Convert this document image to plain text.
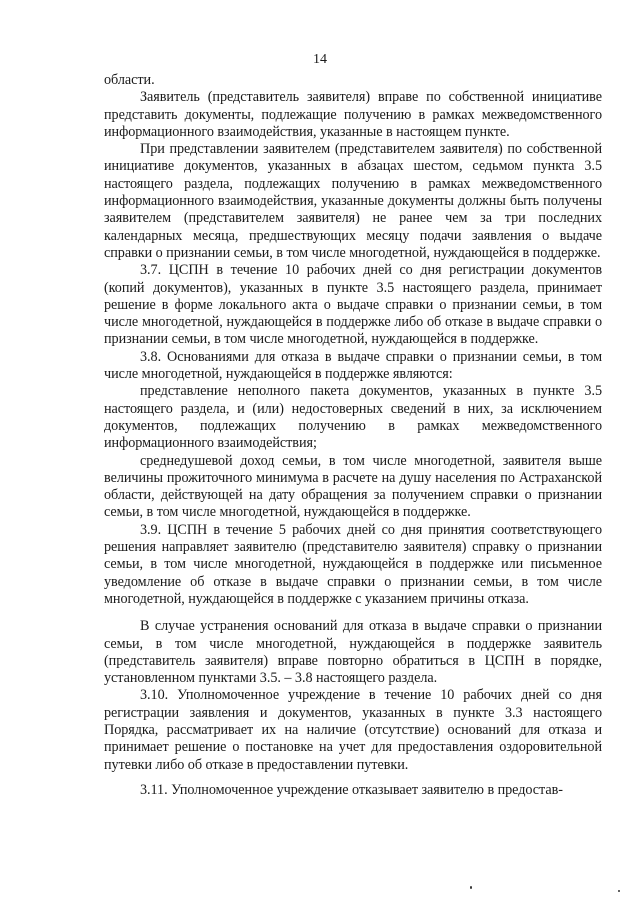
14

области.

Заявитель (представитель заявителя) вправе по собственной инициативе представить документы, подлежащие получению в рамках межведомственного информационного взаимодействия, указанные в настоящем пункте.

При представлении заявителем (представителем заявителя) по собственной инициативе документов, указанных в абзацах шестом, седьмом пункта 3.5 настоящего раздела, подлежащих получению в рамках межведомственного информационного взаимодействия, указанные документы должны быть получены заявителем (представителем заявителя) не ранее чем за три последних календарных месяца, предшествующих месяцу подачи заявления о выдаче справки о признании семьи, в том числе многодетной, нуждающейся в поддержке.

3.7. ЦСПН в течение 10 рабочих дней со дня регистрации документов (копий документов), указанных в пункте 3.5 настоящего раздела, принимает решение в форме локального акта о выдаче справки о признании семьи, в том числе многодетной, нуждающейся в поддержке либо об отказе в выдаче справки о признании семьи, в том числе многодетной, нуждающейся в поддержке.

3.8. Основаниями для отказа в выдаче справки о признании семьи, в том числе многодетной, нуждающейся в поддержке являются:

представление неполного пакета документов, указанных в пункте 3.5 настоящего раздела, и (или) недостоверных сведений в них, за исключением документов, подлежащих получению в рамках межведомственного информационного взаимодействия;

среднедушевой доход семьи, в том числе многодетной, заявителя выше величины прожиточного минимума в расчете на душу населения по Астраханской области, действующей на дату обращения за получением справки о признании семьи, в том числе многодетной, нуждающейся в поддержке.

3.9. ЦСПН в течение 5 рабочих дней со дня принятия соответствующего решения направляет заявителю (представителю заявителя) справку о признании семьи, в том числе многодетной, нуждающейся в поддержке или письменное уведомление об отказе в выдаче справки о признании семьи, в том числе многодетной, нуждающейся в поддержке с указанием причины отказа.

В случае устранения оснований для отказа в выдаче справки о признании семьи, в том числе многодетной, нуждающейся в поддержке заявитель (представитель заявителя) вправе повторно обратиться в ЦСПН в порядке, установленном пунктами 3.5. – 3.8 настоящего раздела.

3.10. Уполномоченное учреждение в течение 10 рабочих дней со дня регистрации заявления и документов, указанных в пункте 3.3 настоящего Порядка, рассматривает их на наличие (отсутствие) оснований для отказа и принимает решение о постановке на учет для предоставления оздоровительной путевки либо об отказе в предоставлении путевки.

3.11. Уполномоченное учреждение отказывает заявителю в предостав-
